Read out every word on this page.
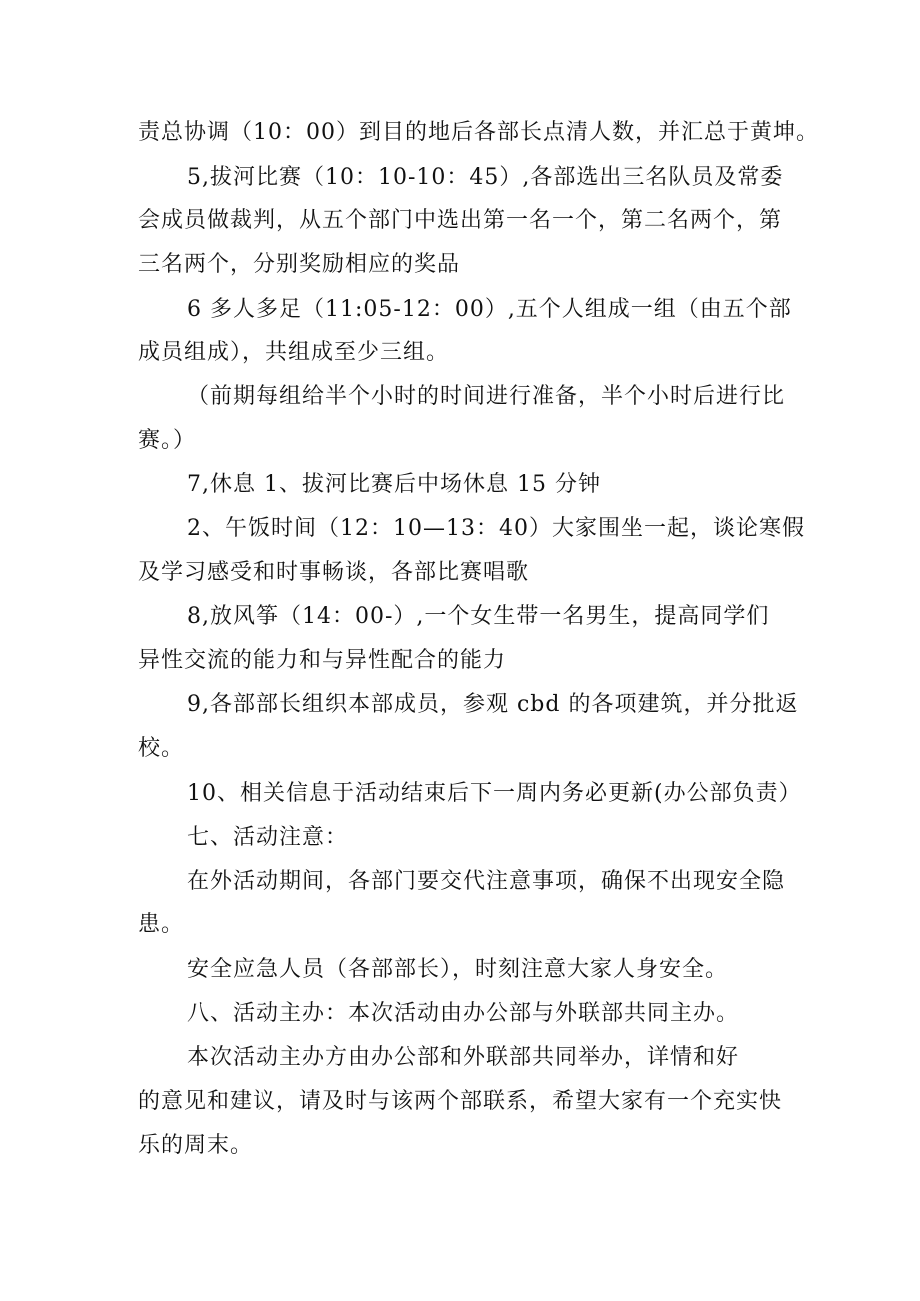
责总协调（10：00）到目的地后各部长点清人数，并汇总于黄坤。
5,拔河比赛（10：10-10：45）,各部选出三名队员及常委
会成员做裁判，从五个部门中选出第一名一个，第二名两个，第
三名两个，分别奖励相应的奖品
6 多人多足（11:05-12：00）,五个人组成一组（由五个部
成员组成），共组成至少三组。
（前期每组给半个小时的时间进行准备，半个小时后进行比
赛。）
7,休息 1、拔河比赛后中场休息 15 分钟
2、午饭时间（12：10—13：40）大家围坐一起，谈论寒假
及学习感受和时事畅谈，各部比赛唱歌
8,放风筝（14：00-）,一个女生带一名男生，提高同学们
异性交流的能力和与异性配合的能力
9,各部部长组织本部成员，参观 cbd 的各项建筑，并分批返
校。
10、相关信息于活动结束后下一周内务必更新(办公部负责）
七、活动注意：
在外活动期间，各部门要交代注意事项，确保不出现安全隐
患。
安全应急人员（各部部长），时刻注意大家人身安全。
八、活动主办：本次活动由办公部与外联部共同主办。
本次活动主办方由办公部和外联部共同举办，详情和好
的意见和建议，请及时与该两个部联系，希望大家有一个充实快
乐的周末。
